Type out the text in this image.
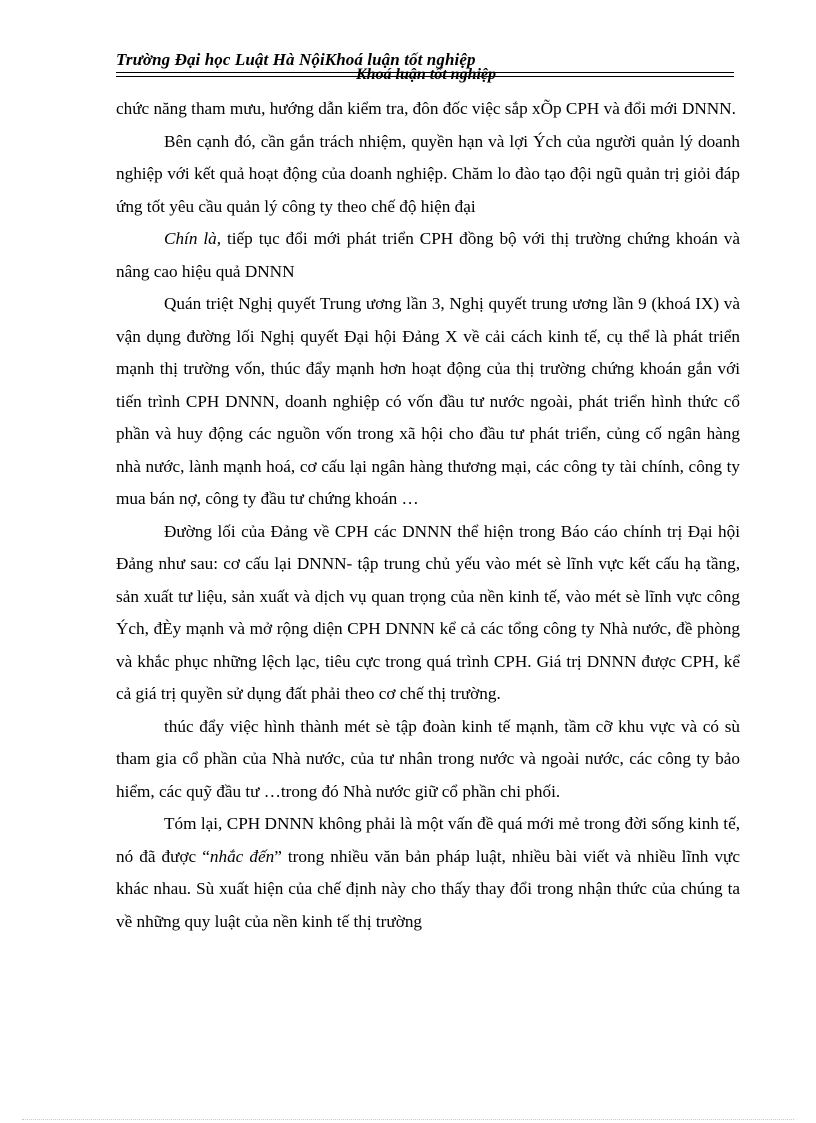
Trường Đại học Luật Hà NộiKhoá luận tốt nghiệp
Khoá luận tốt nghiệp

chức năng tham mưu, hướng dẫn kiểm tra, đôn đốc việc sắp xÕp CPH và đổi mới DNNN.

Bên cạnh đó, cần gắn trách nhiệm, quyền hạn và lợi Ých của người quản lý doanh nghiệp với kết quả hoạt động của doanh nghiệp. Chăm lo đào tạo đội ngũ quản trị giỏi đáp ứng tốt yêu cầu quản lý công ty theo chế độ hiện đại

Chín là, tiếp tục đổi mới phát triển CPH đồng bộ với thị trường chứng khoán và nâng cao hiệu quả DNNN

Quán triệt Nghị quyết Trung ương lần 3, Nghị quyết trung ương lần 9 (khoá IX) và vận dụng đường lối Nghị quyết Đại hội Đảng X về cải cách kinh tế, cụ thể là phát triển mạnh thị trường vốn, thúc đẩy mạnh hơn hoạt động của thị trường chứng khoán gắn với tiến trình CPH DNNN, doanh nghiệp có vốn đầu tư nước ngoài, phát triển hình thức cổ phần và huy động các nguồn vốn trong xã hội cho đầu tư phát triển, củng cố ngân hàng nhà nước, lành mạnh hoá, cơ cấu lại ngân hàng thương mại, các công ty tài chính, công ty mua bán nợ, công ty đầu tư chứng khoán …

Đường lối của Đảng về CPH các DNNN thể hiện trong Báo cáo chính trị Đại hội Đảng như sau: cơ cấu lại DNNN- tập trung chủ yếu vào mét sè lĩnh vực kết cấu hạ tầng, sản xuất tư liệu, sản xuất và dịch vụ quan trọng của nền kinh tế, vào mét sè lĩnh vực công Ých, đÈy mạnh và mở rộng diện CPH DNNN kể cả các tổng công ty Nhà nước, đề phòng và khắc phục những lệch lạc, tiêu cực trong quá trình CPH. Giá trị DNNN được CPH, kể cả giá trị quyền sử dụng đất phải theo cơ chế thị trường.

thúc đẩy việc hình thành mét sè tập đoàn kinh tế mạnh, tầm cỡ khu vực và có sù tham gia cổ phần của Nhà nước, của tư nhân trong nước và ngoài nước, các công ty bảo hiểm, các quỹ đầu tư …trong đó Nhà nước giữ cổ phần chi phối.

Tóm lại, CPH DNNN không phải là một vấn đề quá mới mẻ trong đời sống kinh tế, nó đã được “nhắc đến” trong nhiều văn bản pháp luật, nhiều bài viết và nhiều lĩnh vực khác nhau. Sù xuất hiện của chế định này cho thấy thay đổi trong nhận thức của chúng ta về những quy luật của nền kinh tế thị trường
